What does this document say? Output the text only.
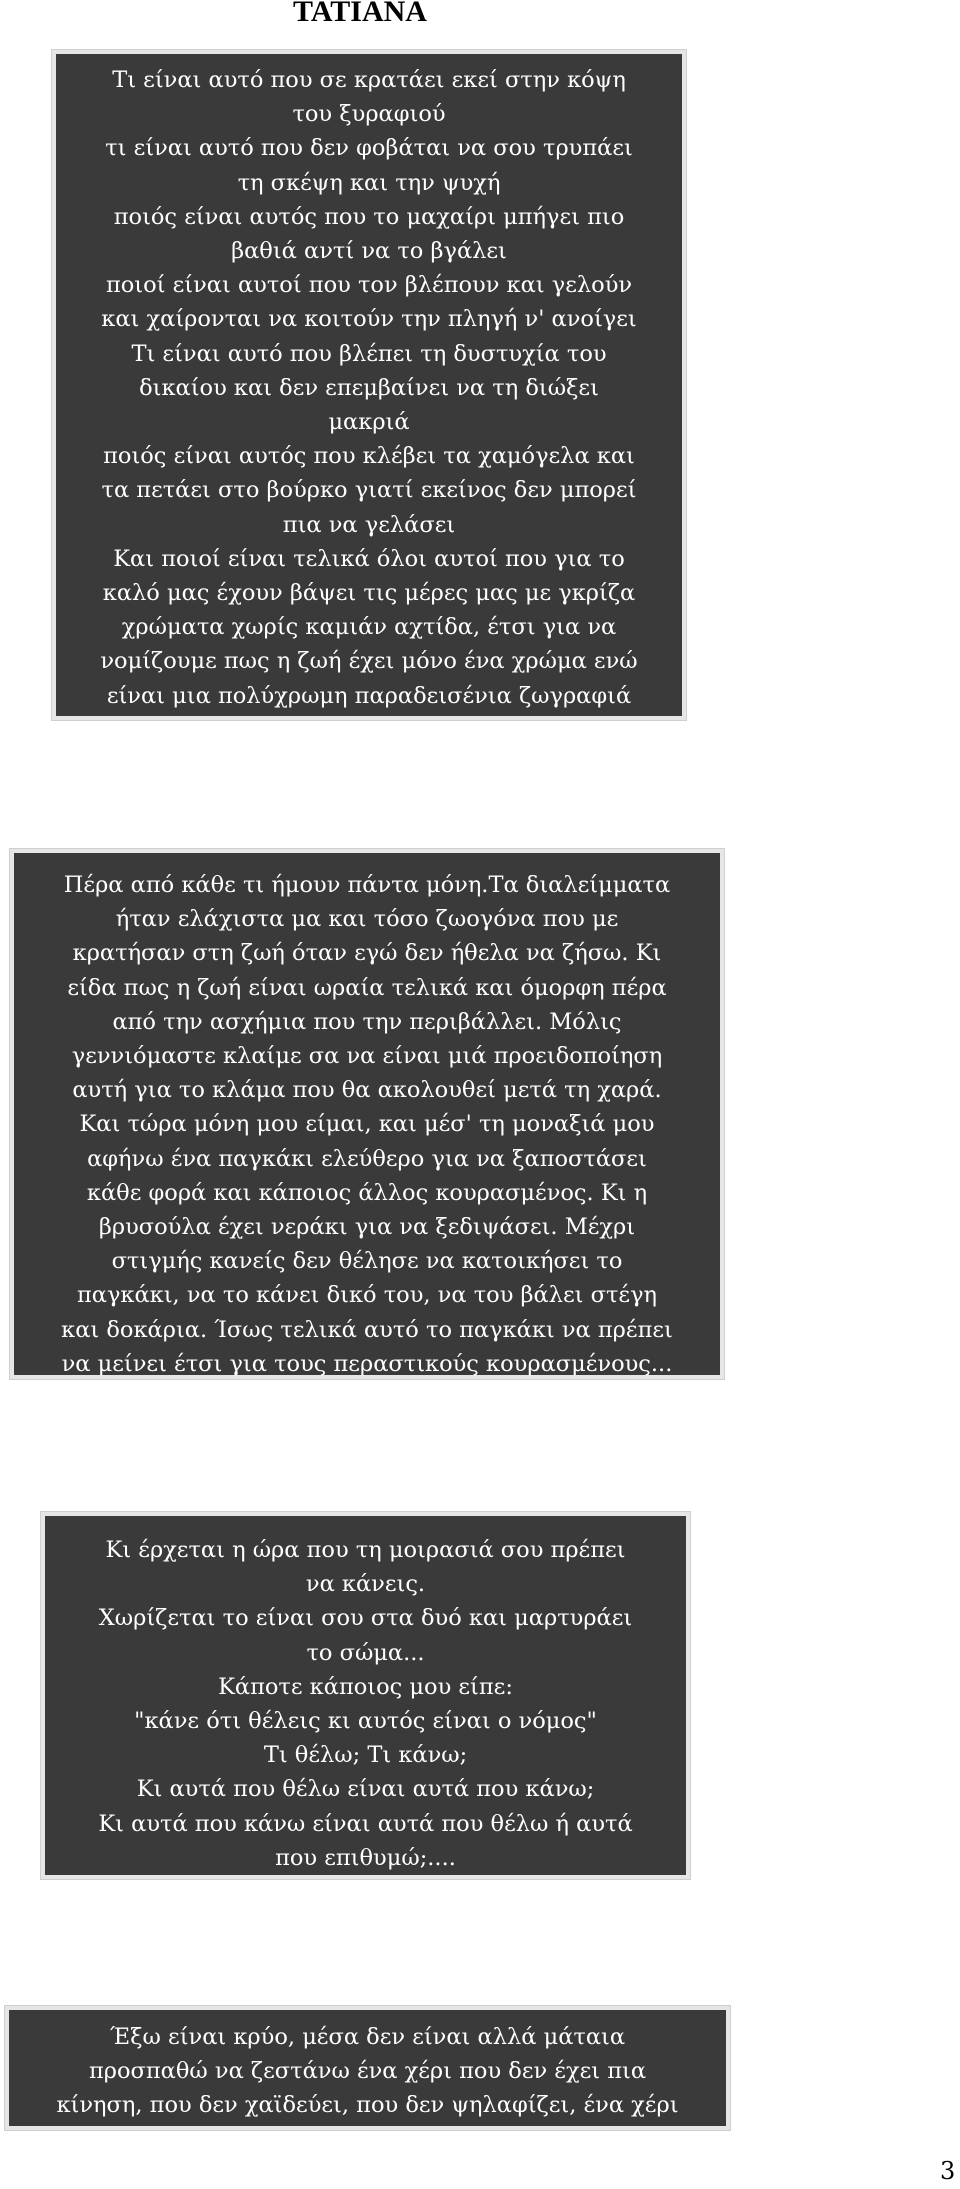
TATIANA
Τι είναι αυτό που σε κρατάει εκεί στην κόψη
του ξυραφιού
τι είναι αυτό που δεν φοβάται να σου τρυπάει
τη σκέψη και την ψυχή
ποιός είναι αυτός που το μαχαίρι μπήγει πιο
βαθιά αντί να το βγάλει
ποιοί είναι αυτοί που τον βλέπουν και γελούν
και χαίρονται να κοιτούν την πληγή ν' ανοίγει
Τι είναι αυτό που βλέπει τη δυστυχία του
δικαίου και δεν επεμβαίνει να τη διώξει
μακριά
ποιός είναι αυτός που κλέβει τα χαμόγελα και
τα πετάει στο βούρκο γιατί εκείνος δεν μπορεί
πια να γελάσει
Και ποιοί είναι τελικά όλοι αυτοί που για το
καλό μας έχουν βάψει τις μέρες μας με γκρίζα
χρώματα χωρίς καμιάν αχτίδα, έτσι για να
νομίζουμε πως η ζωή έχει μόνο ένα χρώμα ενώ
είναι μια πολύχρωμη παραδεισένια ζωγραφιά
Πέρα από κάθε τι ήμουν πάντα μόνη.Τα διαλείμματα
ήταν ελάχιστα μα και τόσο ζωογόνα που με
κρατήσαν στη ζωή όταν εγώ δεν ήθελα να ζήσω. Κι
είδα πως η ζωή είναι ωραία τελικά και όμορφη πέρα
από την ασχήμια που την περιβάλλει. Μόλις
γεννιόμαστε κλαίμε σα να είναι μιά προειδοποίηση
αυτή για το κλάμα που θα ακολουθεί μετά τη χαρά.
Και τώρα μόνη μου είμαι, και μέσ' τη μοναξιά μου
αφήνω ένα παγκάκι ελεύθερο για να ξαποστάσει
κάθε φορά και κάποιος άλλος κουρασμένος. Κι η
βρυσούλα έχει νεράκι για να ξεδιψάσει. Μέχρι
στιγμής κανείς δεν θέλησε να κατοικήσει το
παγκάκι, να το κάνει δικό του, να του βάλει στέγη
και δοκάρια. Ίσως τελικά αυτό το παγκάκι να πρέπει
να μείνει έτσι για τους περαστικούς κουρασμένους...
Κι έρχεται η ώρα που τη μοιρασιά σου πρέπει
να κάνεις.
Χωρίζεται το είναι σου στα δυό και μαρτυράει
το σώμα...
Κάποτε κάποιος μου είπε:
"κάνε ότι θέλεις κι αυτός είναι ο νόμος"
Τι θέλω; Τι κάνω;
Κι αυτά που θέλω είναι αυτά που κάνω;
Κι αυτά που κάνω είναι αυτά που θέλω ή αυτά
που επιθυμώ;....
Έξω είναι κρύο, μέσα δεν είναι αλλά μάταια
προσπαθώ να ζεστάνω ένα χέρι που δεν έχει πια
κίνηση, που δεν χαϊδεύει, που δεν ψηλαφίζει, ένα χέρι
3
